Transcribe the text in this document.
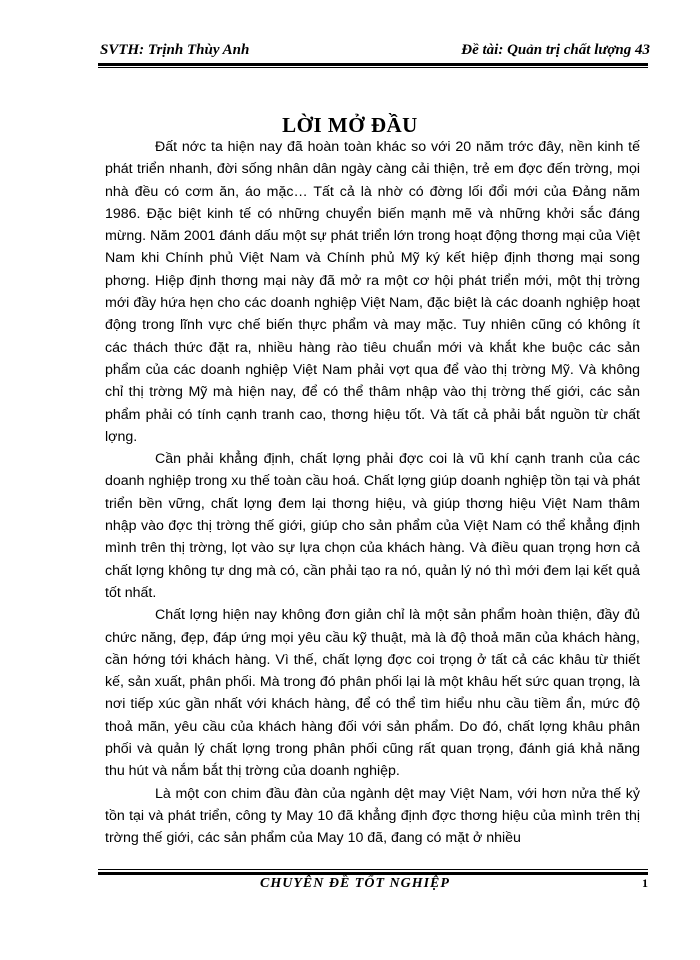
SVTH: Trịnh Thùy Anh	Đề tài: Quản trị chất lượng 43
LỜI MỞ ĐẦU

Đất nớc ta hiện nay đã hoàn toàn khác so với 20 năm trớc đây, nền kinh tế phát triển nhanh, đời sống nhân dân ngày càng cải thiện, trẻ em đợc đến trờng, mọi nhà đều có cơm ăn, áo mặc… Tất cả là nhờ có đờng lối đổi mới của Đảng năm 1986. Đặc biệt kinh tế có những chuyển biến mạnh mẽ và những khởi sắc đáng mừng. Năm 2001 đánh dấu một sự phát triển lớn trong hoạt động thơng mại của Việt Nam khi Chính phủ Việt Nam và Chính phủ Mỹ ký kết hiệp định thơng mại song phơng. Hiệp định thơng mại này đã mở ra một cơ hội phát triển mới, một thị trờng mới đầy hứa hẹn cho các doanh nghiệp Việt Nam, đặc biệt là các doanh nghiệp hoạt động trong lĩnh vực chế biến thực phẩm và may mặc. Tuy nhiên cũng có không ít các thách thức đặt ra, nhiều hàng rào tiêu chuẩn mới và khắt khe buộc các sản phẩm của các doanh nghiệp Việt Nam phải vợt qua để vào thị trờng Mỹ. Và không chỉ thị trờng Mỹ mà hiện nay, để có thể thâm nhập vào thị trờng thế giới, các sản phẩm phải có tính cạnh tranh cao, thơng hiệu tốt. Và tất cả phải bắt nguồn từ chất lợng.

Cần phải khẳng định, chất lợng phải đợc coi là vũ khí cạnh tranh của các doanh nghiệp trong xu thế toàn cầu hoá. Chất lợng giúp doanh nghiệp tồn tại và phát triển bền vững, chất lợng đem lại thơng hiệu, và giúp thơng hiệu Việt Nam thâm nhập vào đợc thị trờng thế giới, giúp cho sản phẩm của Việt Nam có thể khẳng định mình trên thị trờng, lọt vào sự lựa chọn của khách hàng. Và điều quan trọng hơn cả chất lợng không tự dng mà có, cần phải tạo ra nó, quản lý nó thì mới đem lại kết quả tốt nhất.

Chất lợng hiện nay không đơn giản chỉ là một sản phẩm hoàn thiện, đầy đủ chức năng, đẹp, đáp ứng mọi yêu cầu kỹ thuật, mà là độ thoả mãn của khách hàng, cần hớng tới khách hàng. Vì thế, chất lợng đợc coi trọng ở tất cả các khâu từ thiết kế, sản xuất, phân phối. Mà trong đó phân phối lại là một khâu hết sức quan trọng, là nơi tiếp xúc gần nhất với khách hàng, để có thể tìm hiểu nhu cầu tiềm ẩn, mức độ thoả mãn, yêu cầu của khách hàng đối với sản phẩm. Do đó, chất lợng khâu phân phối và quản lý chất lợng trong phân phối cũng rất quan trọng, đánh giá khả năng thu hút và nắm bắt thị trờng của doanh nghiệp.

Là một con chim đầu đàn của ngành dệt may Việt Nam, với hơn nửa thế kỷ tồn tại và phát triển, công ty May 10 đã khẳng định đợc thơng hiệu của mình trên thị trờng thế giới, các sản phẩm của May 10 đã, đang có mặt ở nhiều

CHUYÊN ĐỀ TỐT NGHIỆP	1
